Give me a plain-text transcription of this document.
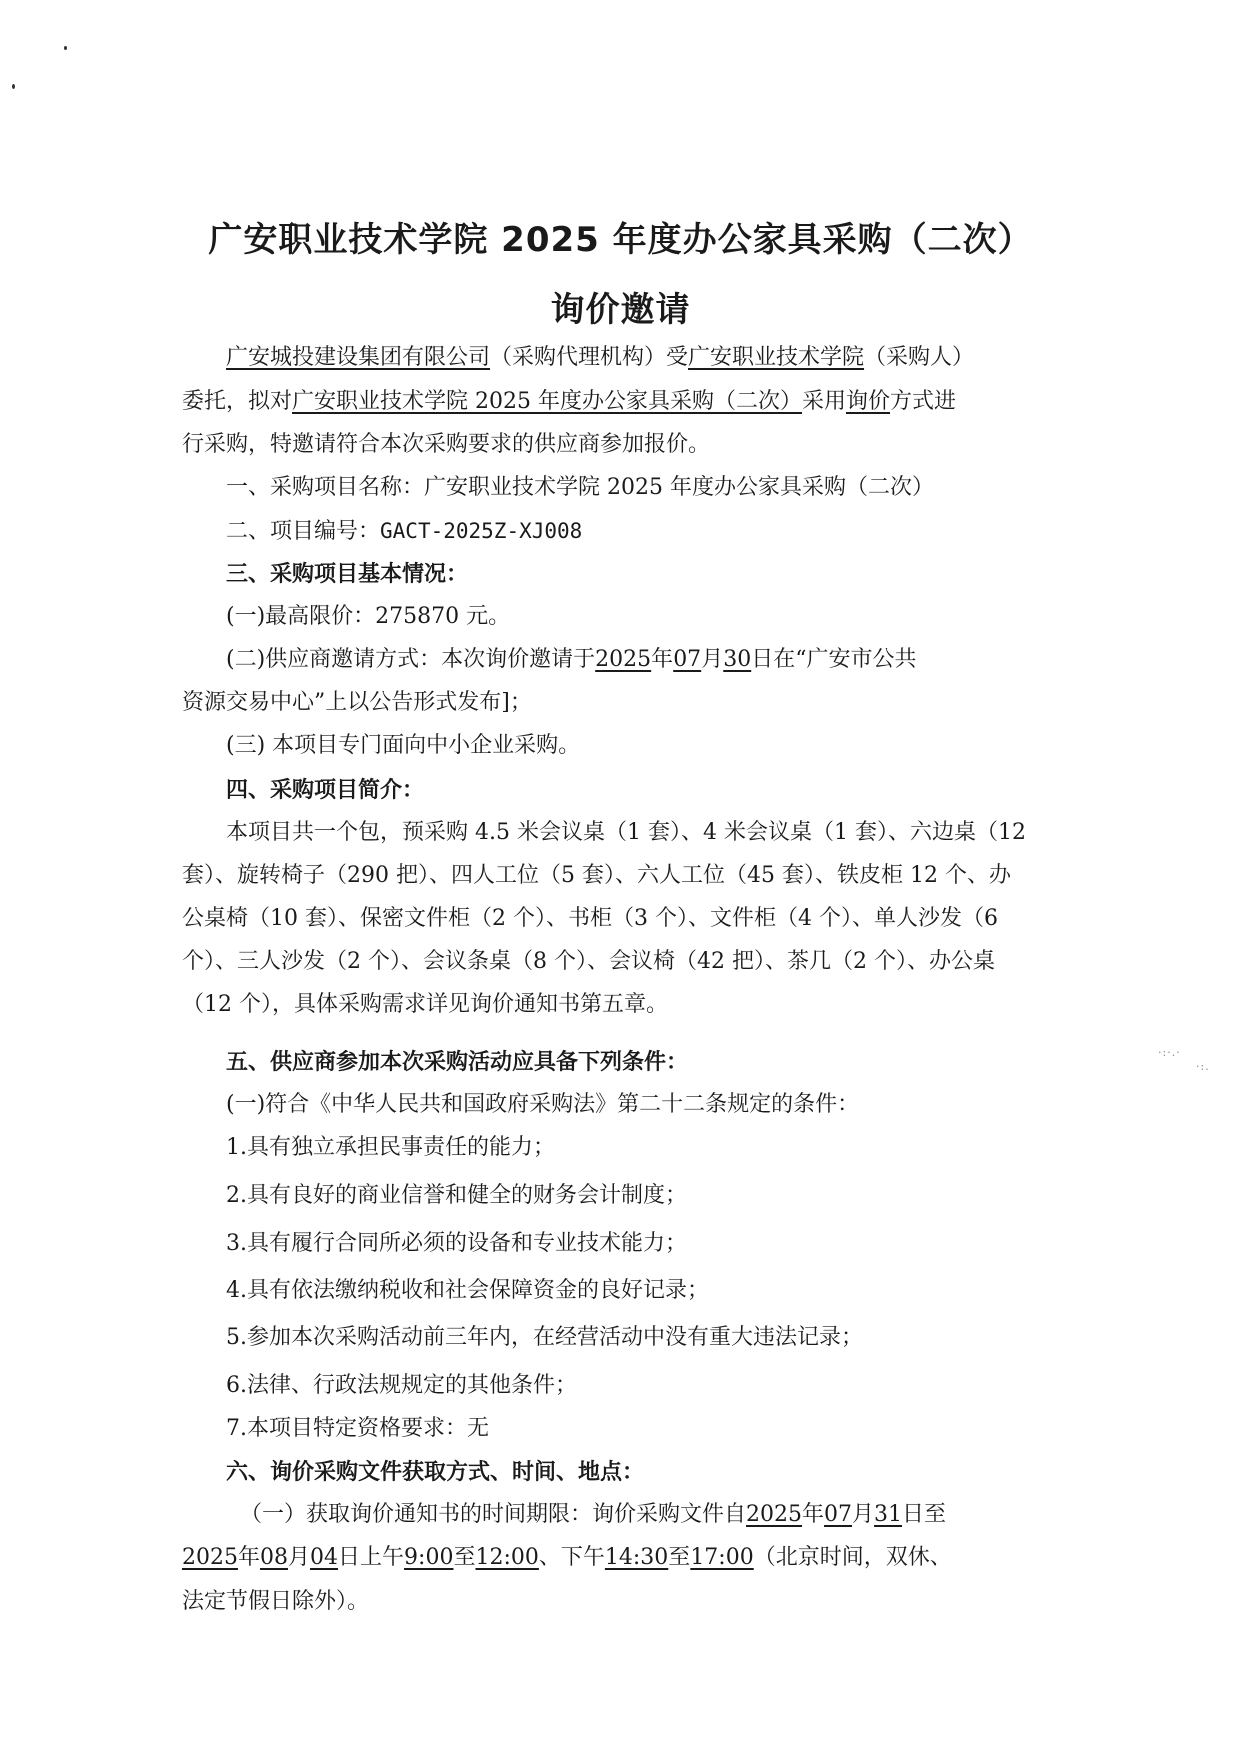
·:·.·
·:.
广安职业技术学院 2025 年度办公家具采购（二次）
询价邀请
广安城投建设集团有限公司（采购代理机构）受广安职业技术学院（采购人）
委托，拟对广安职业技术学院 2025 年度办公家具采购（二次）采用询价方式进
行采购，特邀请符合本次采购要求的供应商参加报价。
一、采购项目名称：广安职业技术学院 2025 年度办公家具采购（二次）
二、项目编号：GACT-2025Z-XJ008
三、采购项目基本情况：
(一)最高限价：275870 元。
(二)供应商邀请方式：本次询价邀请于2025年07月30日在“广安市公共
资源交易中心”上以公告形式发布]；
(三) 本项目专门面向中小企业采购。
四、采购项目简介：
本项目共一个包，预采购 4.5 米会议桌（1 套）、4 米会议桌（1 套）、六边桌（12
套）、旋转椅子（290 把）、四人工位（5 套）、六人工位（45 套）、铁皮柜 12 个、办
公桌椅（10 套）、保密文件柜（2 个）、书柜（3 个）、文件柜（4 个）、单人沙发（6
个）、三人沙发（2 个）、会议条桌（8 个）、会议椅（42 把）、茶几（2 个）、办公桌
（12 个），具体采购需求详见询价通知书第五章。
五、供应商参加本次采购活动应具备下列条件：
(一)符合《中华人民共和国政府采购法》第二十二条规定的条件：
1.具有独立承担民事责任的能力；
2.具有良好的商业信誉和健全的财务会计制度；
3.具有履行合同所必须的设备和专业技术能力；
4.具有依法缴纳税收和社会保障资金的良好记录；
5.参加本次采购活动前三年内，在经营活动中没有重大违法记录；
6.法律、行政法规规定的其他条件；
7.本项目特定资格要求：无
六、询价采购文件获取方式、时间、地点：
（一）获取询价通知书的时间期限：询价采购文件自2025年07月31日至
2025年08月04日上午9:00至12:00、下午14:30至17:00（北京时间，双休、
法定节假日除外）。
